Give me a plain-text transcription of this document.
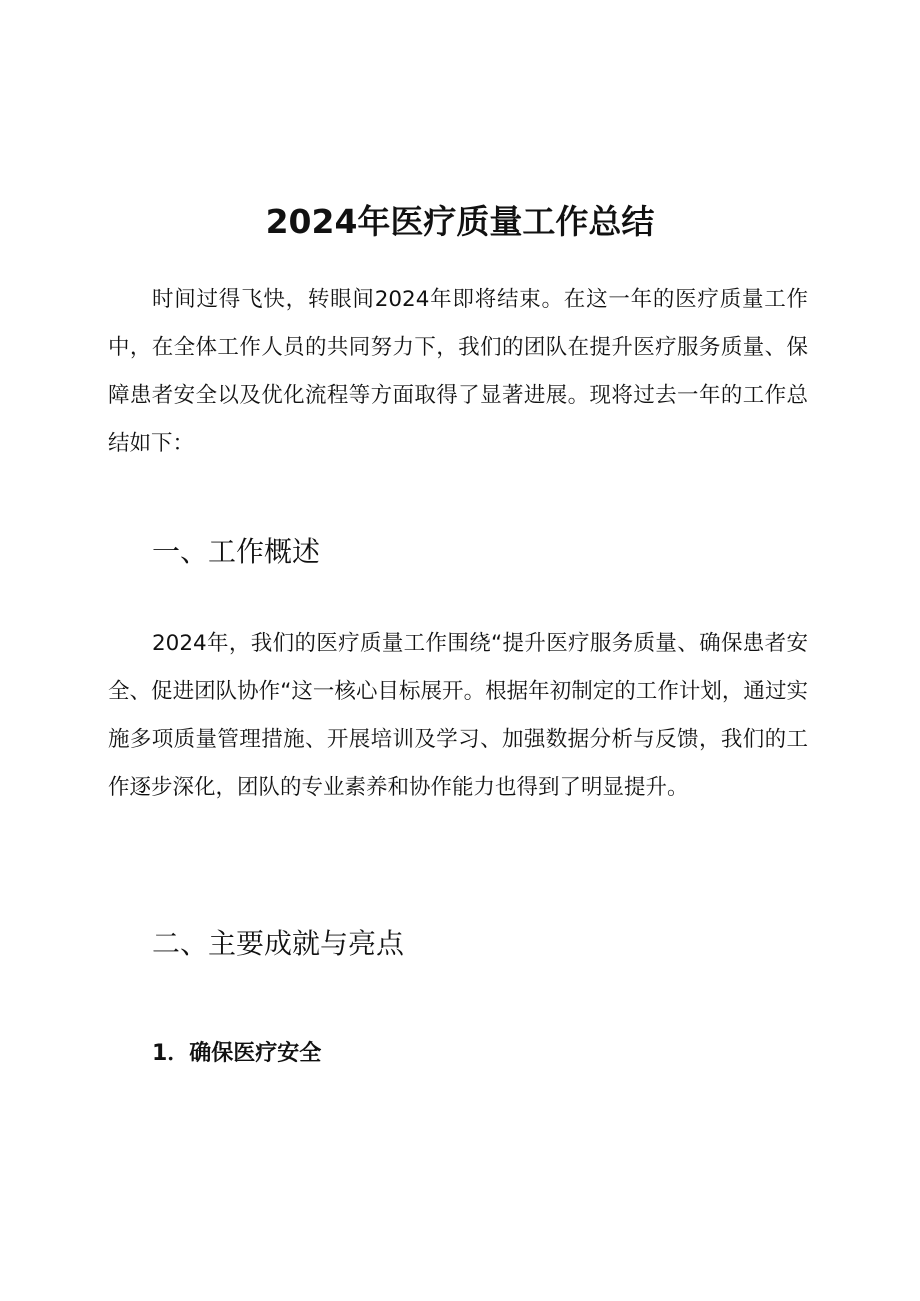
2024年医疗质量工作总结

时间过得飞快，转眼间2024年即将结束。在这一年的医疗质量工作中，在全体工作人员的共同努力下，我们的团队在提升医疗服务质量、保障患者安全以及优化流程等方面取得了显著进展。现将过去一年的工作总结如下：

一、工作概述

2024年，我们的医疗质量工作围绕“提升医疗服务质量、确保患者安全、促进团队协作“这一核心目标展开。根据年初制定的工作计划，通过实施多项质量管理措施、开展培训及学习、加强数据分析与反馈，我们的工作逐步深化，团队的专业素养和协作能力也得到了明显提升。

二、主要成就与亮点
1．确保医疗安全
